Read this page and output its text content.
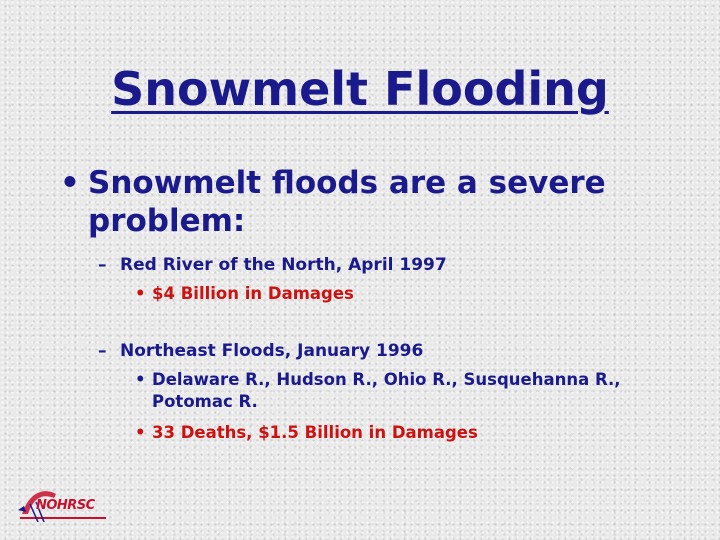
Snowmelt Flooding
• Snowmelt floods are a severe problem:
– Red River of the North, April 1997
• $4 Billion in Damages
– Northeast Floods, January 1996
• Delaware R., Hudson R., Ohio R., Susquehanna R., Potomac R.
• 33 Deaths, $1.5 Billion in Damages
NOHRSC
